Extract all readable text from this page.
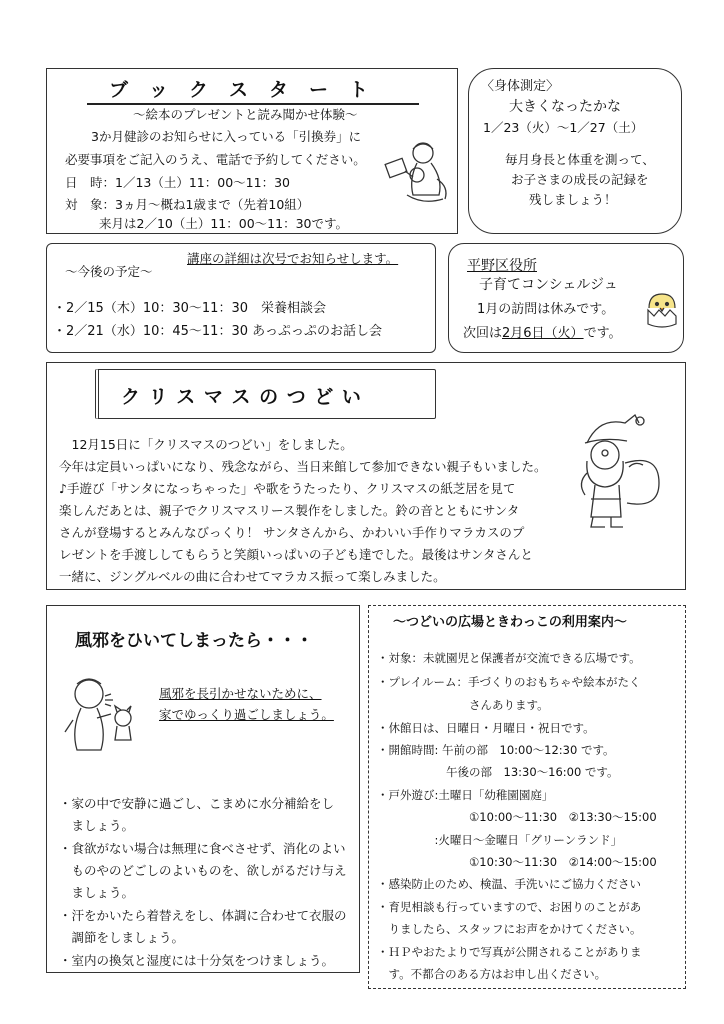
ブ　ッ　ク　ス　タ　ー　ト
～絵本のプレゼントと読み聞かせ体験～
3か月健診のお知らせに入っている「引換券」に
必要事項をご記入のうえ、電話で予約してください。
日　時：1／13（土）11：00～11：30
対　象：3ヵ月～概ね1歳まで（先着10組）
来月は2／10（土）11：00～11：30です。
〈身体測定〉
大きくなったかな
1／23（火）～1／27（土）
毎月身長と体重を測って、
お子さまの成長の記録を
残しましょう！
講座の詳細は次号でお知らせします。
～今後の予定～
・2／15（木）10：30～11：30　栄養相談会
・2／21（水）10：45～11：30 あっぷっぷのお話し会
平野区役所
子育てコンシェルジュ
1月の訪問は休みです。
次回は2月6日（火）です。
ク リ ス マ ス の つ ど い
　12月15日に「クリスマスのつどい」をしました。
今年は定員いっぱいになり、残念ながら、当日来館して参加できない親子もいました。
♪手遊び「サンタになっちゃった」や歌をうたったり、クリスマスの紙芝居を見て
楽しんだあとは、親子でクリスマスリース製作をしました。鈴の音とともにサンタ
さんが登場するとみんなびっくり！ サンタさんから、かわいい手作りマラカスのプ
レゼントを手渡ししてもらうと笑顔いっぱいの子ども達でした。最後はサンタさんと
一緒に、ジングルベルの曲に合わせてマラカス振って楽しみました。
風邪をひいてしまったら・・・
風邪を長引かせないために、
家でゆっくり過ごしましょう。
・家の中で安静に過ごし、こまめに水分補給をし
　ましょう。
・食欲がない場合は無理に食べさせず、消化のよい
　ものやのどごしのよいものを、欲しがるだけ与え
　ましょう。
・汗をかいたら着替えをし、体調に合わせて衣服の
　調節をしましょう。
・室内の換気と湿度には十分気をつけましょう。
～つどいの広場ときわっこの利用案内～
・対象：未就園児と保護者が交流できる広場です。
・プレイルーム：手づくりのおもちゃや絵本がたく
　　　　　　　　さんあります。
・休館日は、日曜日・月曜日・祝日です。
・開館時間: 午前の部　10:00～12:30 です。
　　　　　　午後の部　13:30～16:00 です。
・戸外遊び:土曜日「幼稚園園庭」
　　　　　　　　①10:00～11:30　②13:30～15:00
　　　　　:火曜日～金曜日「グリーンランド」
　　　　　　　　①10:30～11:30　②14:00～15:00
・感染防止のため、検温、手洗いにご協力ください
・育児相談も行っていますので、お困りのことがあ
　りましたら、スタッフにお声をかけてください。
・ＨＰやおたよりで写真が公開されることがありま
　す。不都合のある方はお申し出ください。
